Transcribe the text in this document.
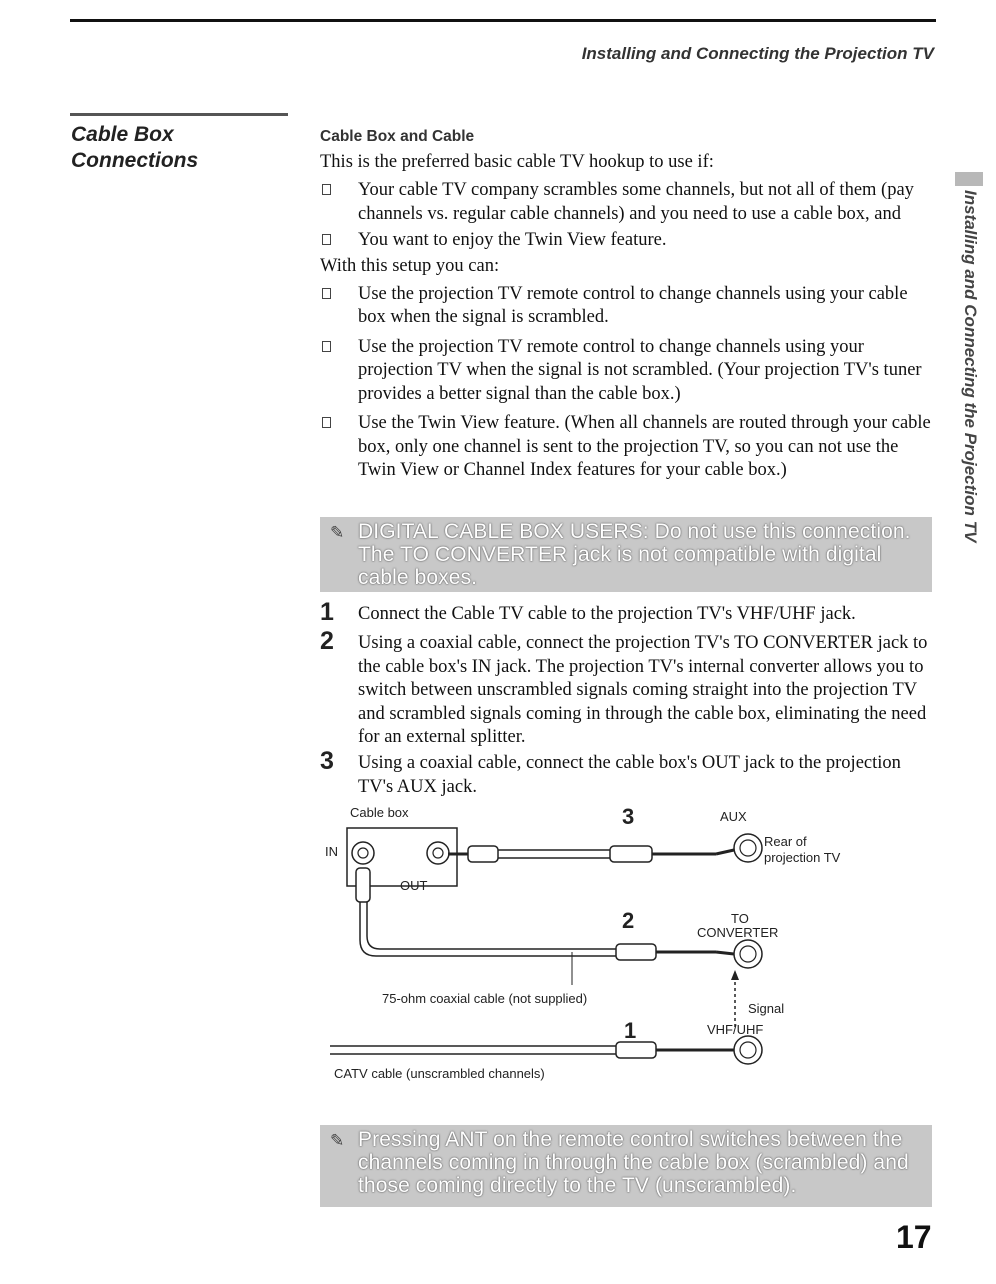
Installing and Connecting the Projection TV
Cable Box
Connections
Installing and Connecting the Projection TV
Cable Box and Cable
This is the preferred basic cable TV hookup to use if:
Your cable TV company scrambles some channels, but not all of them (pay channels vs. regular cable channels) and you need to use a cable box, and
You want to enjoy the Twin View feature.
With this setup you can:
Use the projection TV remote control to change channels using your cable box when the signal is scrambled.
Use the projection TV remote control to change channels using your projection TV when the signal is not scrambled. (Your projection TV's tuner provides a better signal than the cable box.)
Use the Twin View feature. (When all channels are routed through your cable box, only one channel is sent to the projection TV, so you can not use the Twin View or Channel Index features for your cable box.)
✎ DIGITAL CABLE BOX USERS: Do not use this connection. The TO CONVERTER jack is not compatible with digital cable boxes.
1	Connect the Cable TV cable to the projection TV's VHF/UHF jack.
2	Using a coaxial cable, connect the projection TV's TO CONVERTER jack to the cable box's IN jack. The projection TV's internal converter allows you to switch between unscrambled signals coming straight into the projection TV and scrambled signals coming in through the cable box, eliminating the need for an external splitter.
3	Using a coaxial cable, connect the cable box's OUT jack to the projection TV's AUX jack.
Cable box
IN
OUT
3	AUX
Rear of
projection TV
2	TO
CONVERTER
75-ohm coaxial cable (not supplied)
Signal
1	VHF/UHF
CATV cable (unscrambled channels)
✎ Pressing ANT on the remote control switches between the channels coming in through the cable box (scrambled) and those coming directly to the TV (unscrambled).
17
